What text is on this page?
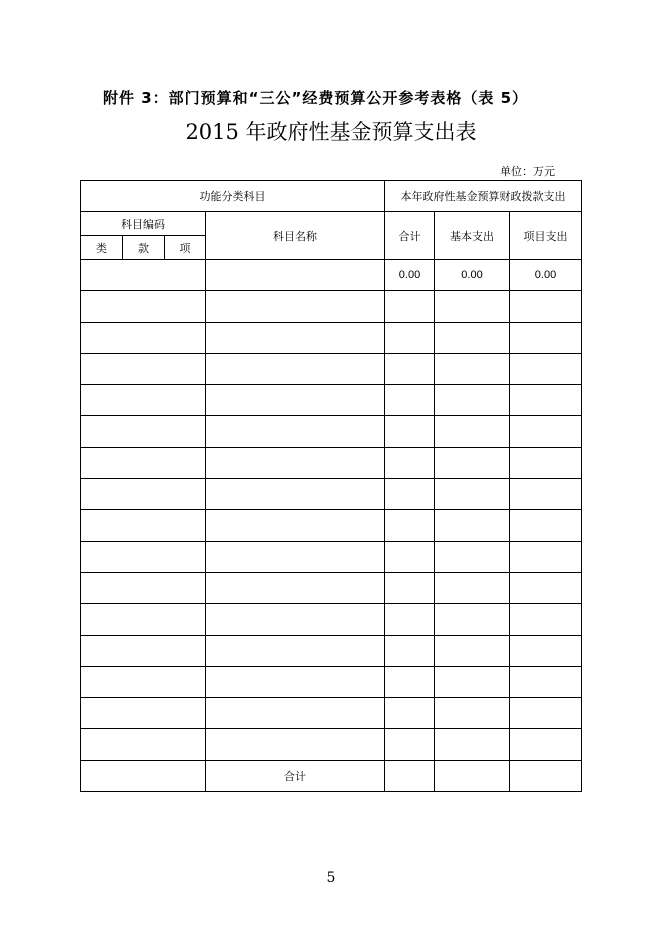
附件 3：部门预算和“三公”经费预算公开参考表格（表 5）
2015 年政府性基金预算支出表
单位：万元
功能分类科目				本年政府性基金预算财政拨款支出		
科目编码			科目名称	合计	基本支出	项目支出
类	款	项				
				0.00	0.00	0.00

			合计			
5
